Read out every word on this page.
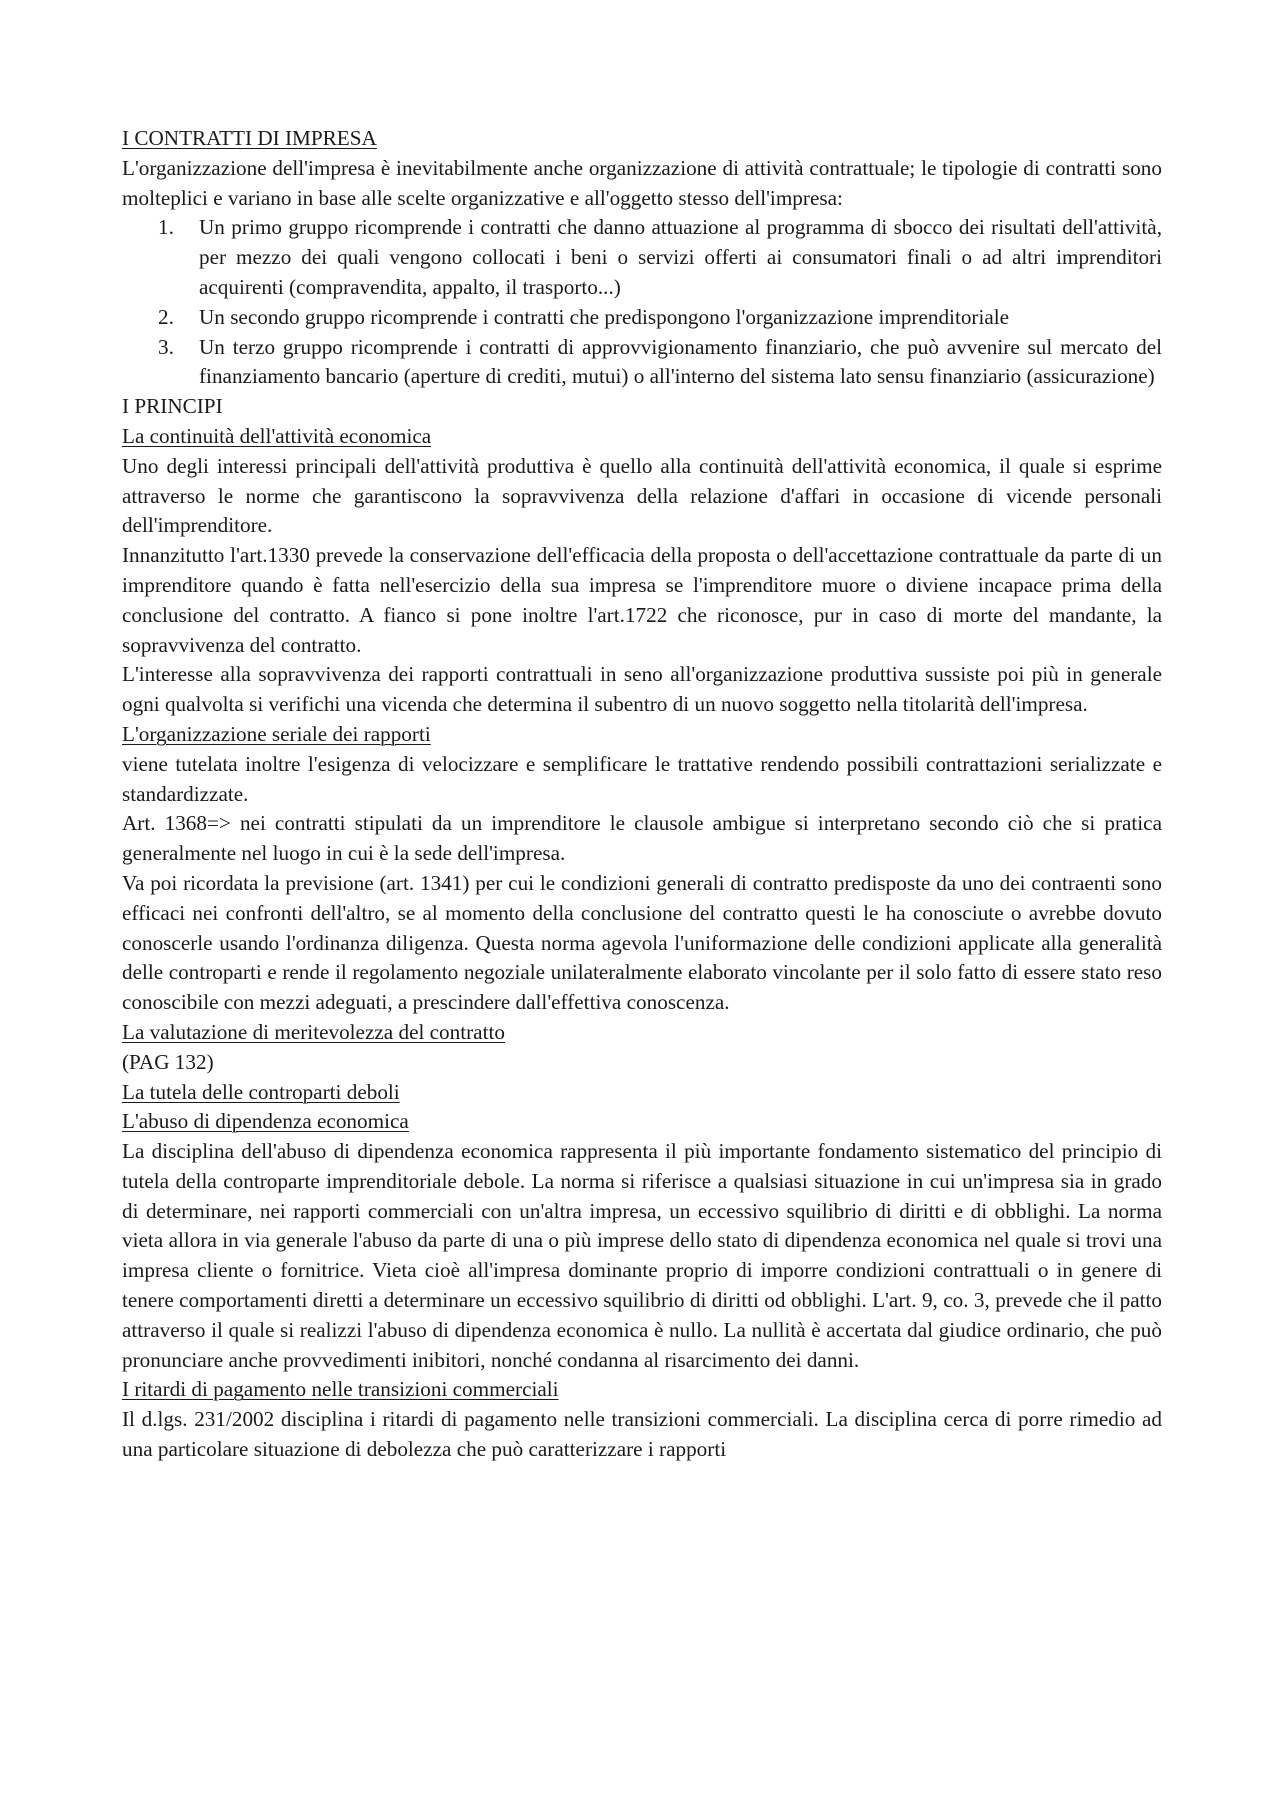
I CONTRATTI DI IMPRESA
L'organizzazione dell'impresa è inevitabilmente anche organizzazione di attività contrattuale; le tipologie di contratti sono molteplici e variano in base alle scelte organizzative e all'oggetto stesso dell'impresa:
1. Un primo gruppo ricomprende i contratti che danno attuazione al programma di sbocco dei risultati dell'attività, per mezzo dei quali vengono collocati i beni o servizi offerti ai consumatori finali o ad altri imprenditori acquirenti (compravendita, appalto, il trasporto...)
2. Un secondo gruppo ricomprende i contratti che predispongono l'organizzazione imprenditoriale
3. Un terzo gruppo ricomprende i contratti di approvvigionamento finanziario, che può avvenire sul mercato del finanziamento bancario (aperture di crediti, mutui) o all'interno del sistema lato sensu finanziario (assicurazione)
I PRINCIPI
La continuità dell'attività economica
Uno degli interessi principali dell'attività produttiva è quello alla continuità dell'attività economica, il quale si esprime attraverso le norme che garantiscono la sopravvivenza della relazione d'affari in occasione di vicende personali dell'imprenditore.
Innanzitutto l'art.1330 prevede la conservazione dell'efficacia della proposta o dell'accettazione contrattuale da parte di un imprenditore quando è fatta nell'esercizio della sua impresa se l'imprenditore muore o diviene incapace prima della conclusione del contratto. A fianco si pone inoltre l'art.1722 che riconosce, pur in caso di morte del mandante, la sopravvivenza del contratto.
L'interesse alla sopravvivenza dei rapporti contrattuali in seno all'organizzazione produttiva sussiste poi più in generale ogni qualvolta si verifichi una vicenda che determina il subentro di un nuovo soggetto nella titolarità dell'impresa.
L'organizzazione seriale dei rapporti
viene tutelata inoltre l'esigenza di velocizzare e semplificare le trattative rendendo possibili contrattazioni serializzate e standardizzate.
Art. 1368=> nei contratti stipulati da un imprenditore le clausole ambigue si interpretano secondo ciò che si pratica generalmente nel luogo in cui è la sede dell'impresa.
Va poi ricordata la previsione (art. 1341) per cui le condizioni generali di contratto predisposte da uno dei contraenti sono efficaci nei confronti dell'altro, se al momento della conclusione del contratto questi le ha conosciute o avrebbe dovuto conoscerle usando l'ordinanza diligenza. Questa norma agevola l'uniformazione delle condizioni applicate alla generalità delle controparti e rende il regolamento negoziale unilateralmente elaborato vincolante per il solo fatto di essere stato reso conoscibile con mezzi adeguati, a prescindere dall'effettiva conoscenza.
La valutazione di meritevolezza del contratto
(PAG 132)
La tutela delle controparti deboli
L'abuso di dipendenza economica
La disciplina dell'abuso di dipendenza economica rappresenta il più importante fondamento sistematico del principio di tutela della controparte imprenditoriale debole. La norma si riferisce a qualsiasi situazione in cui un'impresa sia in grado di determinare, nei rapporti commerciali con un'altra impresa, un eccessivo squilibrio di diritti e di obblighi. La norma vieta allora in via generale l'abuso da parte di una o più imprese dello stato di dipendenza economica nel quale si trovi una impresa cliente o fornitrice. Vieta cioè all'impresa dominante proprio di imporre condizioni contrattuali o in genere di tenere comportamenti diretti a determinare un eccessivo squilibrio di diritti od obblighi. L'art. 9, co. 3, prevede che il patto attraverso il quale si realizzi l'abuso di dipendenza economica è nullo. La nullità è accertata dal giudice ordinario, che può pronunciare anche provvedimenti inibitori, nonché condanna al risarcimento dei danni.
I ritardi di pagamento nelle transizioni commerciali
Il d.lgs. 231/2002 disciplina i ritardi di pagamento nelle transizioni commerciali. La disciplina cerca di porre rimedio ad una particolare situazione di debolezza che può caratterizzare i rapporti
